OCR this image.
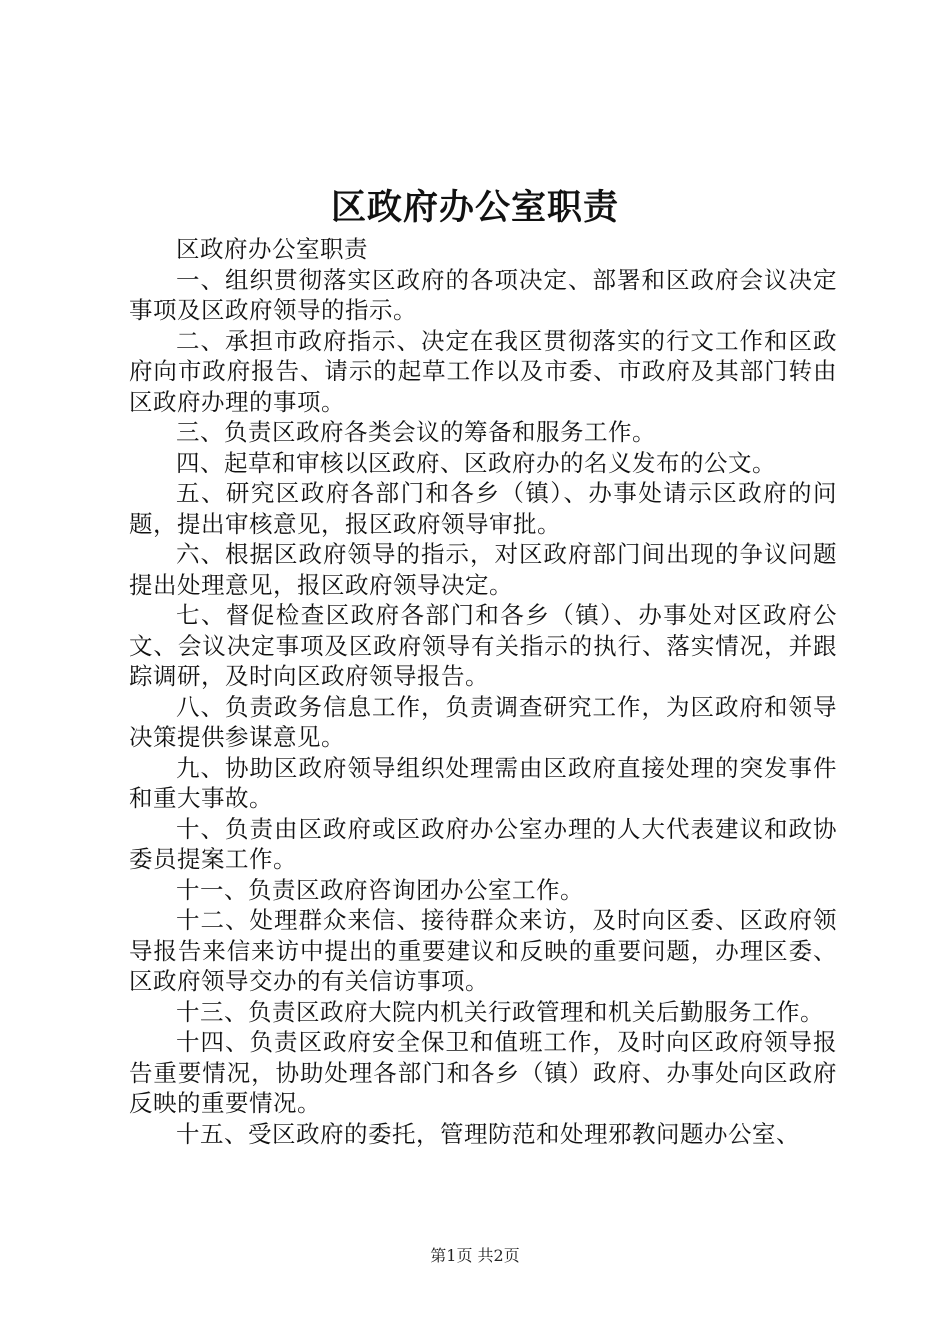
区政府办公室职责

区政府办公室职责

一、组织贯彻落实区政府的各项决定、部署和区政府会议决定事项及区政府领导的指示。

二、承担市政府指示、决定在我区贯彻落实的行文工作和区政府向市政府报告、请示的起草工作以及市委、市政府及其部门转由区政府办理的事项。

三、负责区政府各类会议的筹备和服务工作。

四、起草和审核以区政府、区政府办的名义发布的公文。

五、研究区政府各部门和各乡（镇）、办事处请示区政府的问题，提出审核意见，报区政府领导审批。

六、根据区政府领导的指示，对区政府部门间出现的争议问题提出处理意见，报区政府领导决定。

七、督促检查区政府各部门和各乡（镇）、办事处对区政府公文、会议决定事项及区政府领导有关指示的执行、落实情况，并跟踪调研，及时向区政府领导报告。

八、负责政务信息工作，负责调查研究工作，为区政府和领导决策提供参谋意见。

九、协助区政府领导组织处理需由区政府直接处理的突发事件和重大事故。

十、负责由区政府或区政府办公室办理的人大代表建议和政协委员提案工作。

十一、负责区政府咨询团办公室工作。

十二、处理群众来信、接待群众来访，及时向区委、区政府领导报告来信来访中提出的重要建议和反映的重要问题，办理区委、区政府领导交办的有关信访事项。

十三、负责区政府大院内机关行政管理和机关后勤服务工作。

十四、负责区政府安全保卫和值班工作，及时向区政府领导报告重要情况，协助处理各部门和各乡（镇）政府、办事处向区政府反映的重要情况。

十五、受区政府的委托，管理防范和处理邪教问题办公室、

第1页 共2页
